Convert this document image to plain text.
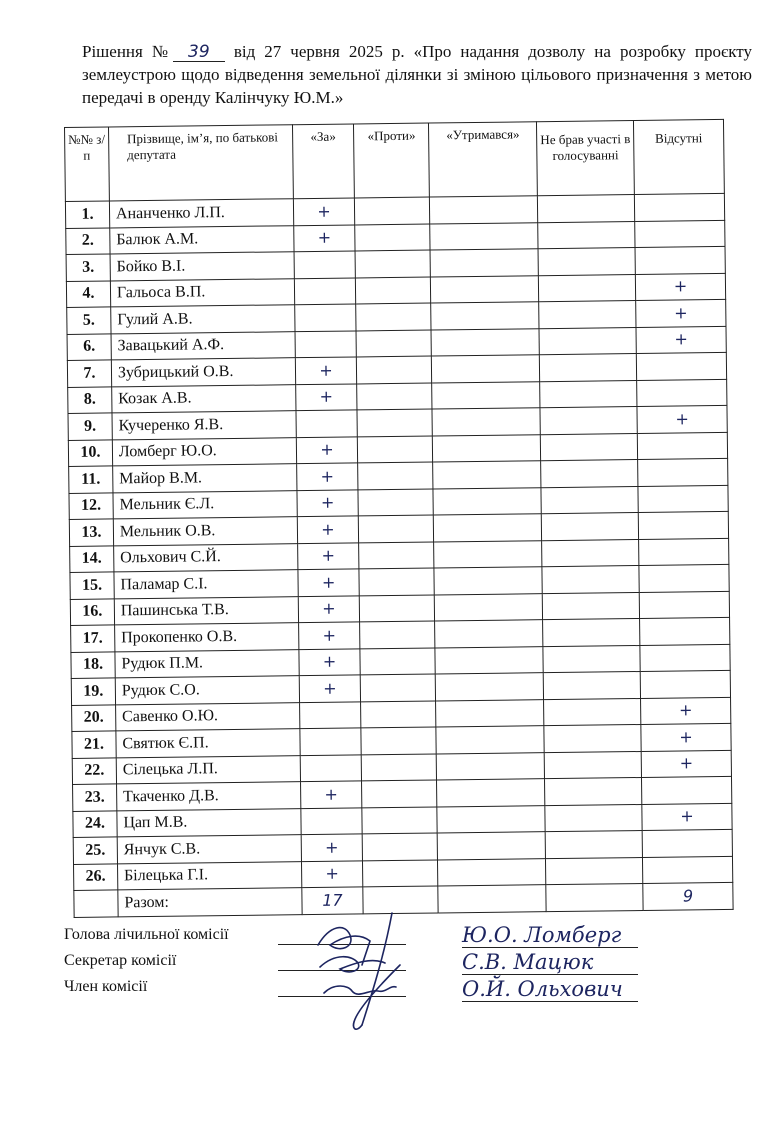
Рішення № 39 від 27 червня 2025 р. «Про надання дозволу на розробку проєкту землеустрою щодо відведення земельної ділянки зі зміною цільового призначення з метою передачі в оренду Калінчуку Ю.М.»
№№ з/п	Прізвище, ім’я, по батькові депутата	«За»	«Проти»	«Утримався»	Не брав участі в голосуванні	Відсутні
1.	Ананченко Л.П.	+				
2.	Балюк А.М.	+				
3.	Бойко В.І.					
4.	Гальоса В.П.					+
5.	Гулий А.В.					+
6.	Завацький А.Ф.					+
7.	Зубрицький О.В.	+				
8.	Козак А.В.	+				
9.	Кучеренко Я.В.					+
10.	Ломберг Ю.О.	+				
11.	Майор В.М.	+				
12.	Мельник Є.Л.	+				
13.	Мельник О.В.	+				
14.	Ольхович С.Й.	+				
15.	Паламар С.І.	+				
16.	Пашинська Т.В.	+				
17.	Прокопенко О.В.	+				
18.	Рудюк П.М.	+				
19.	Рудюк С.О.	+				
20.	Савенко О.Ю.					+
21.	Святюк Є.П.					+
22.	Сілецька Л.П.					+
23.	Ткаченко Д.В.	+				
24.	Цап М.В.					+
25.	Янчук С.В.	+				
26.	Білецька Г.І.	+				
	Разом:	17				9
Голова лічильної комісії
Секретар комісії
Член комісії
Ю.О. Ломберг
С.В. Мацюк
О.Й. Ольхович
